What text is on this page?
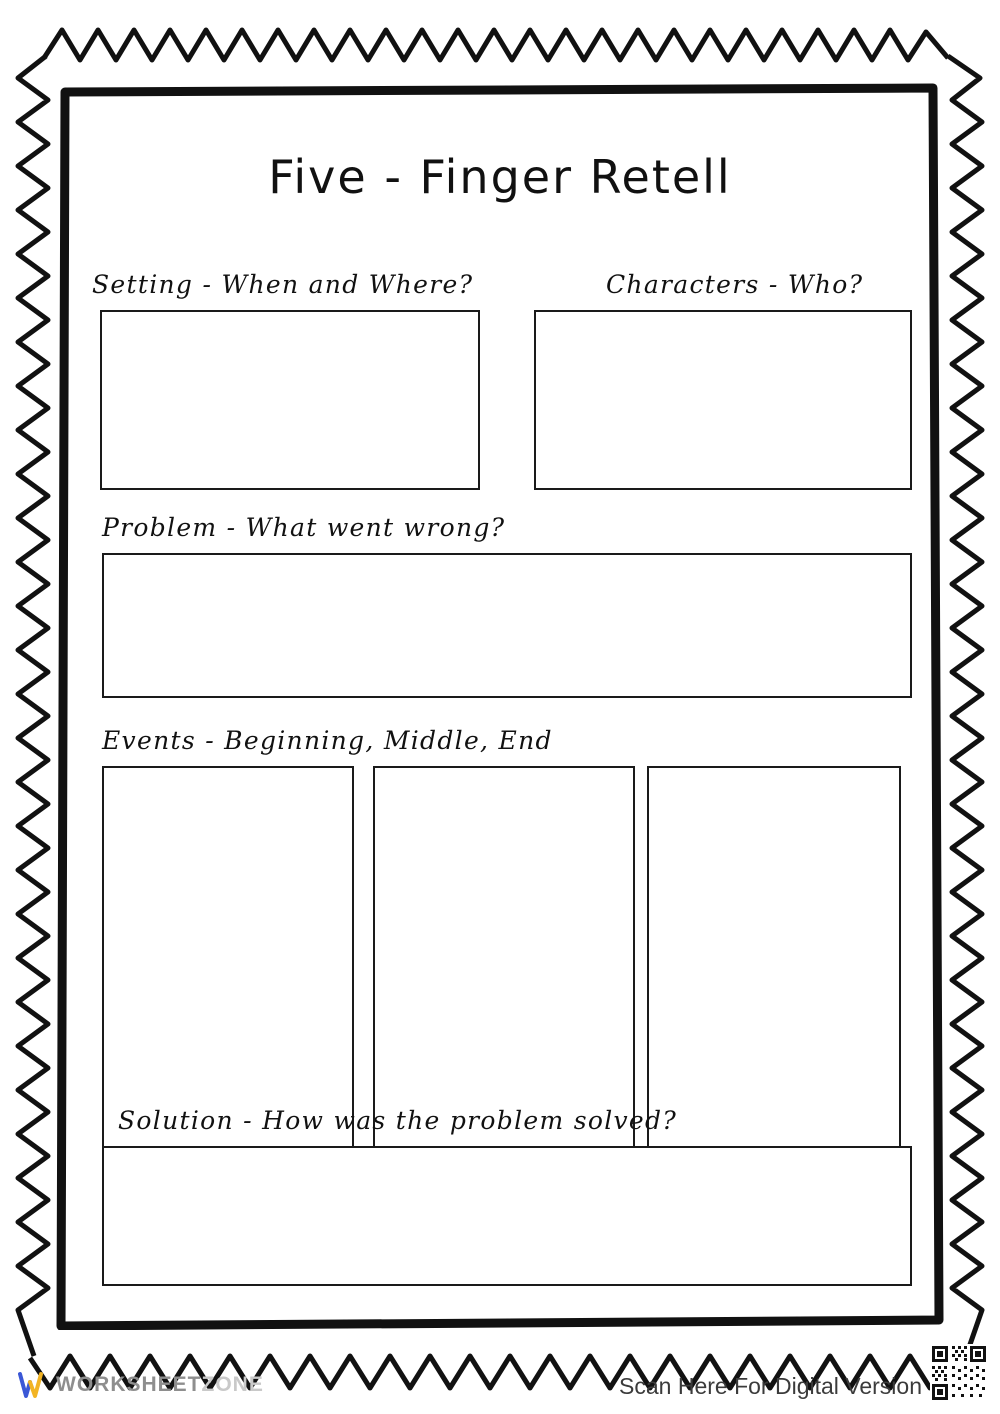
Five - Finger Retell
Setting - When and Where?	Characters - Who?
Problem - What went wrong?
Events - Beginning, Middle, End
Solution - How was the problem solved?
WORKSHEETZONE	Scan Here For Digital Version
